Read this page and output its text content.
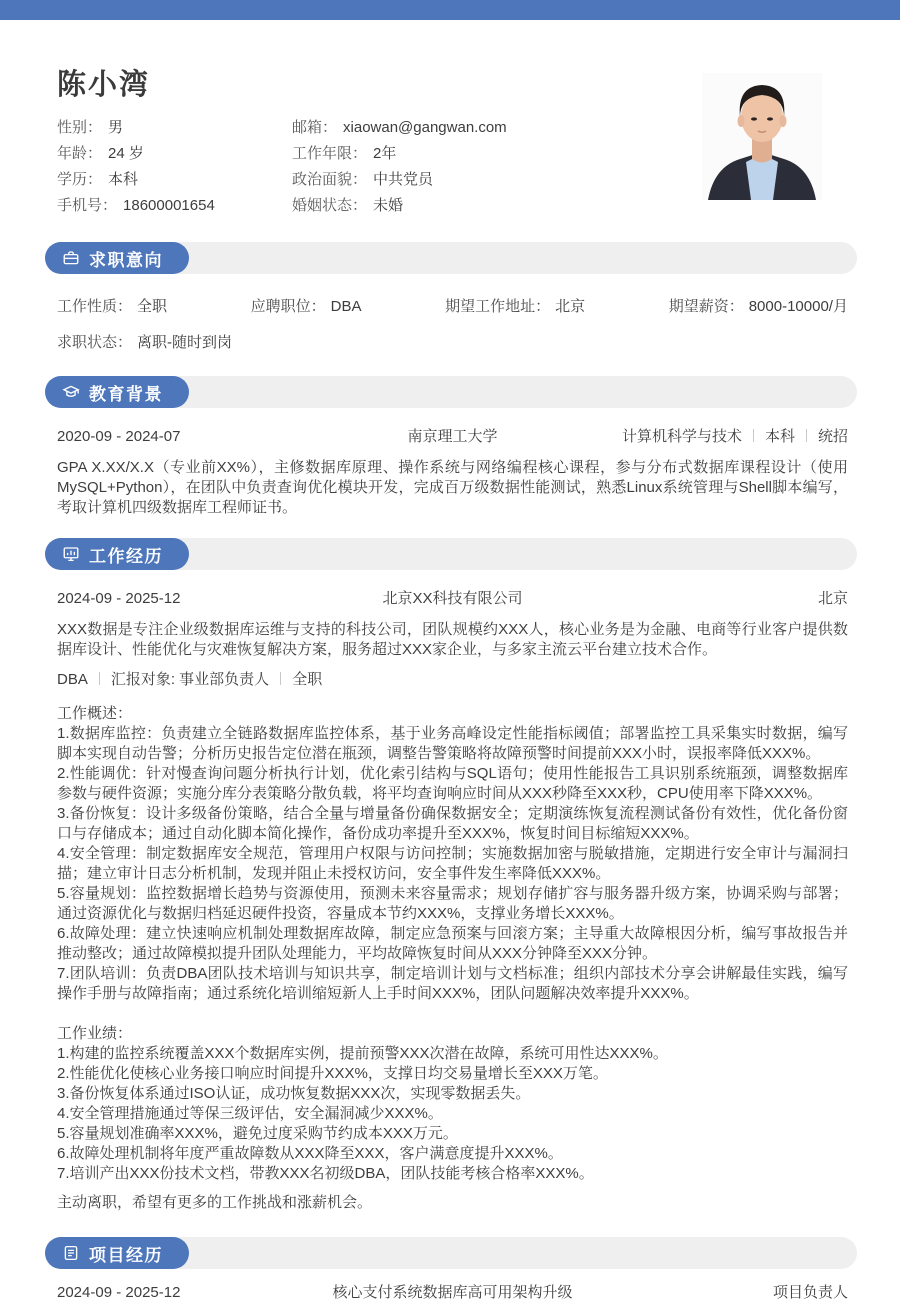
陈小湾
性别： 男
年龄： 24 岁
学历： 本科
手机号： 18600001654
邮箱： xiaowan@gangwan.com
工作年限： 2年
政治面貌： 中共党员
婚姻状态： 未婚
求职意向
工作性质： 全职	应聘职位： DBA	期望工作地址： 北京	期望薪资： 8000-10000/月
求职状态： 离职-随时到岗
教育背景
2020-09 - 2024-07	南京理工大学	计算机科学与技术 本科 统招
GPA X.XX/X.X（专业前XX%），主修数据库原理、操作系统与网络编程核心课程，参与分布式数据库课程设计（使用MySQL+Python），在团队中负责查询优化模块开发，完成百万级数据性能测试，熟悉Linux系统管理与Shell脚本编写，考取计算机四级数据库工程师证书。
工作经历
2024-09 - 2025-12	北京XX科技有限公司	北京
XXX数据是专注企业级数据库运维与支持的科技公司，团队规模约XXX人，核心业务是为金融、电商等行业客户提供数据库设计、性能优化与灾难恢复解决方案，服务超过XXX家企业，与多家主流云平台建立技术合作。
DBA 汇报对象: 事业部负责人 全职
工作概述：
1.数据库监控：负责建立全链路数据库监控体系，基于业务高峰设定性能指标阈值；部署监控工具采集实时数据，编写脚本实现自动告警；分析历史报告定位潜在瓶颈，调整告警策略将故障预警时间提前XXX小时，误报率降低XXX%。
2.性能调优：针对慢查询问题分析执行计划，优化索引结构与SQL语句；使用性能报告工具识别系统瓶颈，调整数据库参数与硬件资源；实施分库分表策略分散负载，将平均查询响应时间从XXX秒降至XXX秒，CPU使用率下降XXX%。
3.备份恢复：设计多级备份策略，结合全量与增量备份确保数据安全；定期演练恢复流程测试备份有效性，优化备份窗口与存储成本；通过自动化脚本简化操作，备份成功率提升至XXX%，恢复时间目标缩短XXX%。
4.安全管理：制定数据库安全规范，管理用户权限与访问控制；实施数据加密与脱敏措施，定期进行安全审计与漏洞扫描；建立审计日志分析机制，发现并阻止未授权访问，安全事件发生率降低XXX%。
5.容量规划：监控数据增长趋势与资源使用，预测未来容量需求；规划存储扩容与服务器升级方案，协调采购与部署；通过资源优化与数据归档延迟硬件投资，容量成本节约XXX%，支撑业务增长XXX%。
6.故障处理：建立快速响应机制处理数据库故障，制定应急预案与回滚方案；主导重大故障根因分析，编写事故报告并推动整改；通过故障模拟提升团队处理能力，平均故障恢复时间从XXX分钟降至XXX分钟。
7.团队培训：负责DBA团队技术培训与知识共享，制定培训计划与文档标准；组织内部技术分享会讲解最佳实践，编写操作手册与故障指南；通过系统化培训缩短新人上手时间XXX%，团队问题解决效率提升XXX%。
工作业绩：
1.构建的监控系统覆盖XXX个数据库实例，提前预警XXX次潜在故障，系统可用性达XXX%。
2.性能优化使核心业务接口响应时间提升XXX%，支撑日均交易量增长至XXX万笔。
3.备份恢复体系通过ISO认证，成功恢复数据XXX次，实现零数据丢失。
4.安全管理措施通过等保三级评估，安全漏洞减少XXX%。
5.容量规划准确率XXX%，避免过度采购节约成本XXX万元。
6.故障处理机制将年度严重故障数从XXX降至XXX，客户满意度提升XXX%。
7.培训产出XXX份技术文档，带教XXX名初级DBA，团队技能考核合格率XXX%。
主动离职，希望有更多的工作挑战和涨薪机会。
项目经历
2024-09 - 2025-12	核心支付系统数据库高可用架构升级	项目负责人
